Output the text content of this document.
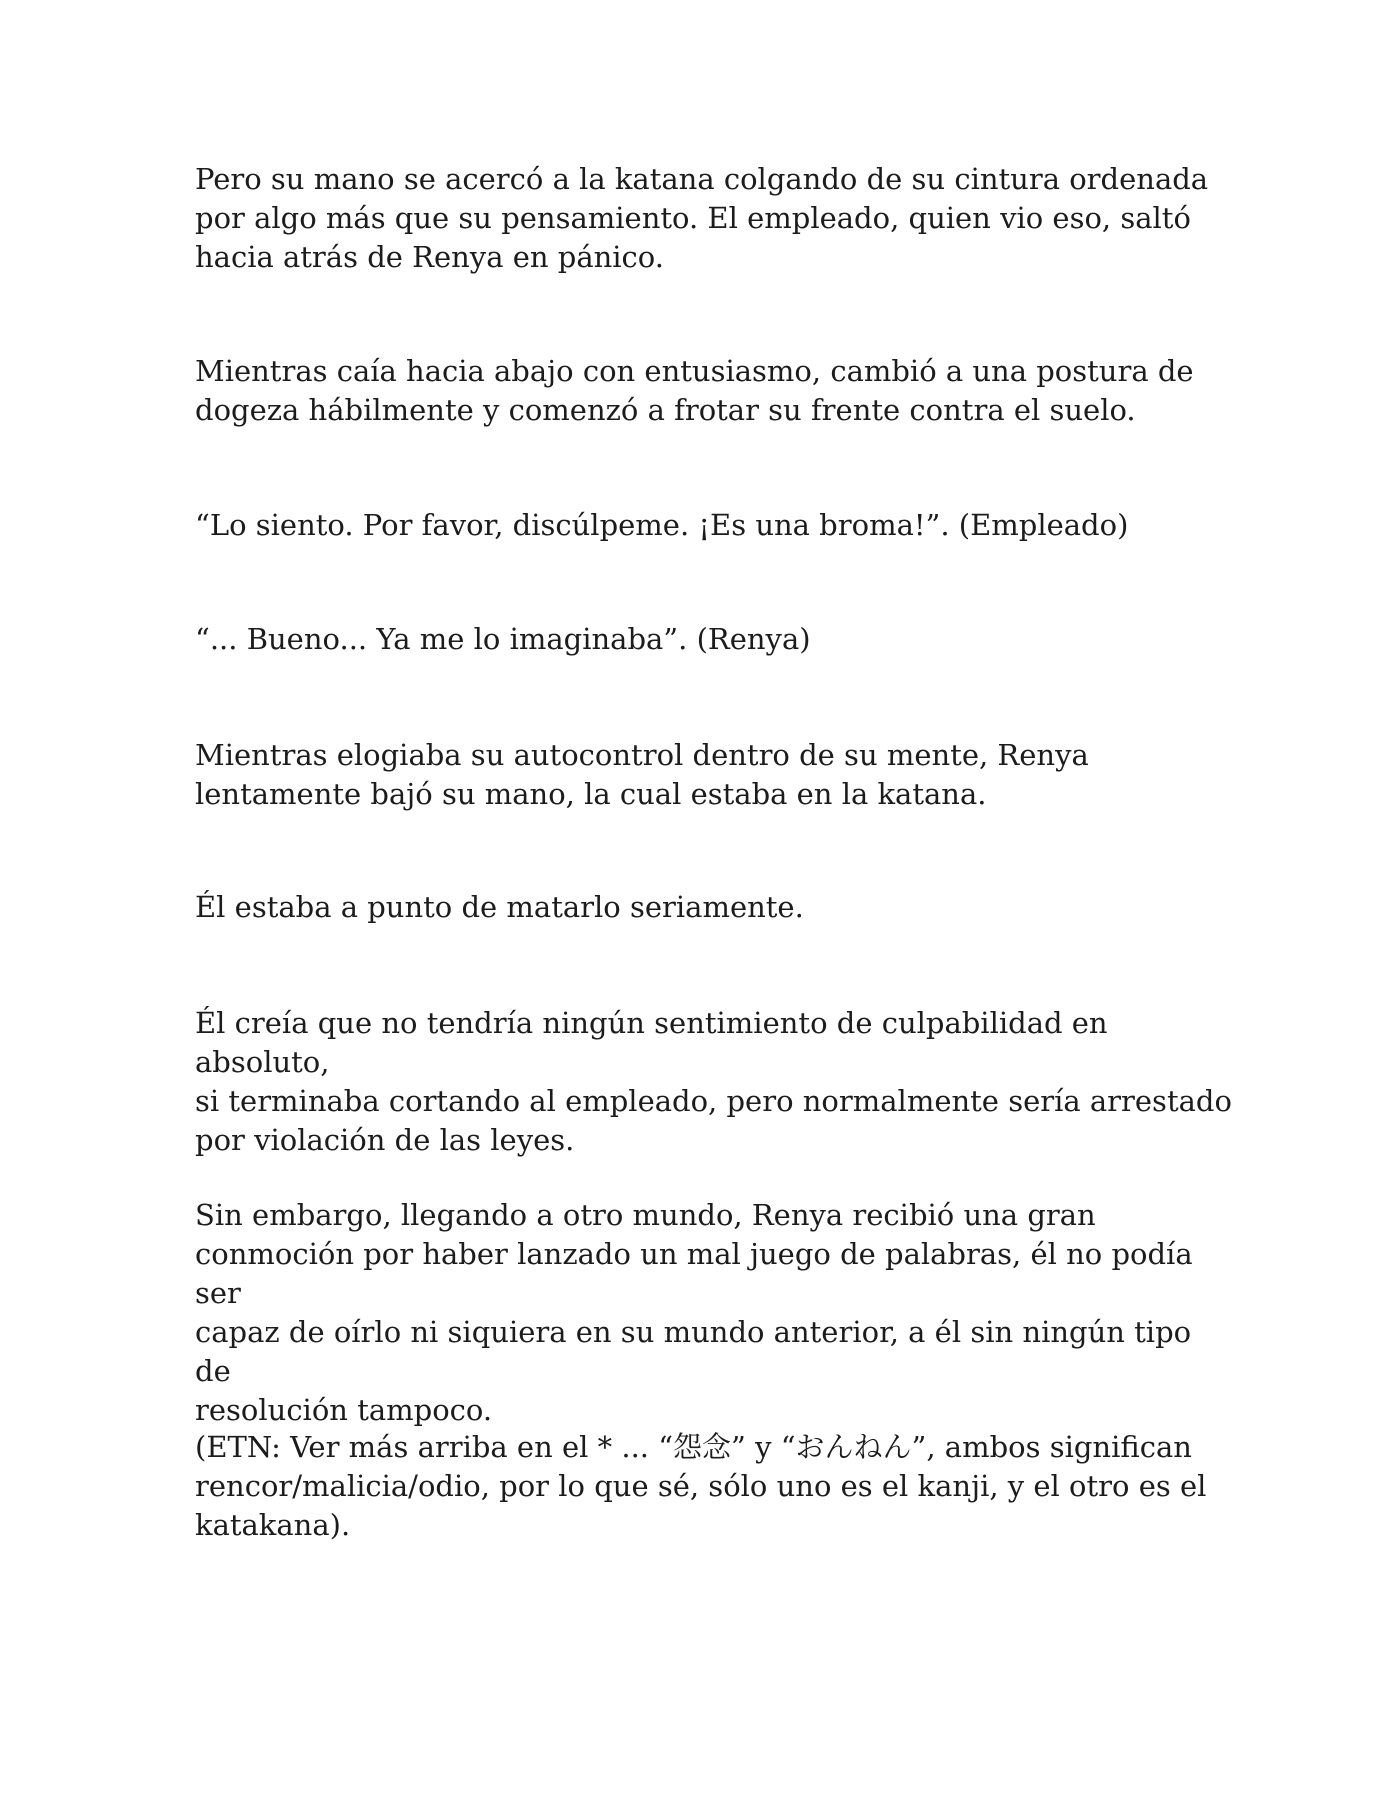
Pero su mano se acercó a la katana colgando de su cintura ordenada
por algo más que su pensamiento. El empleado, quien vio eso, saltó
hacia atrás de Renya en pánico.

Mientras caía hacia abajo con entusiasmo, cambió a una postura de
dogeza hábilmente y comenzó a frotar su frente contra el suelo.

“Lo siento. Por favor, discúlpeme. ¡Es una broma!”. (Empleado)

“... Bueno... Ya me lo imaginaba”. (Renya)

Mientras elogiaba su autocontrol dentro de su mente, Renya
lentamente bajó su mano, la cual estaba en la katana.

Él estaba a punto de matarlo seriamente.

Él creía que no tendría ningún sentimiento de culpabilidad en absoluto,
si terminaba cortando al empleado, pero normalmente sería arrestado
por violación de las leyes.

Sin embargo, llegando a otro mundo, Renya recibió una gran
conmoción por haber lanzado un mal juego de palabras, él no podía ser
capaz de oírlo ni siquiera en su mundo anterior, a él sin ningún tipo de
resolución tampoco.

(ETN: Ver más arriba en el * ... “怨念” y “おんねん”, ambos significan
rencor/malicia/odio, por lo que sé, sólo uno es el kanji, y el otro es el
katakana).
